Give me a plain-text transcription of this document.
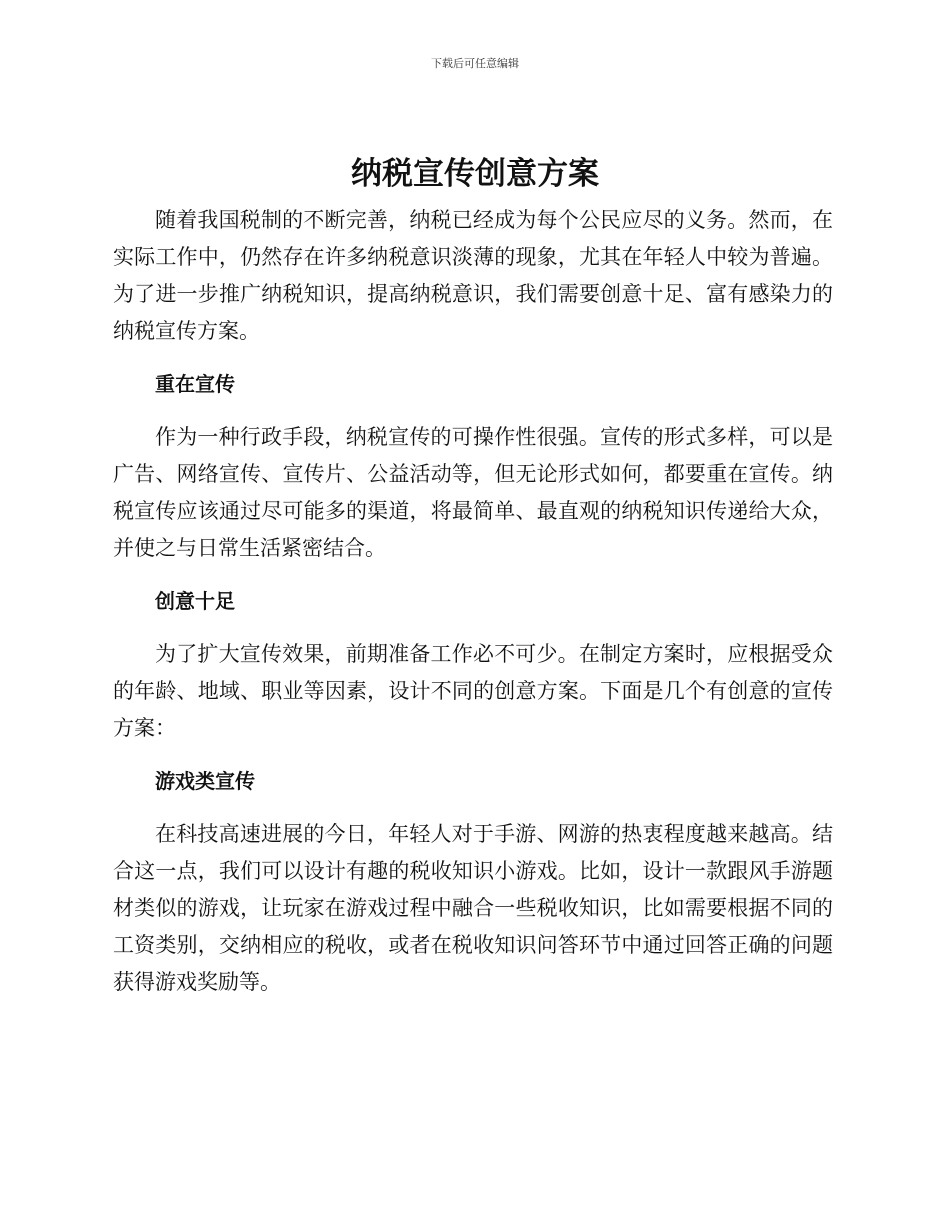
下载后可任意编辑
纳税宣传创意方案

随着我国税制的不断完善，纳税已经成为每个公民应尽的义务。然而，在实际工作中，仍然存在许多纳税意识淡薄的现象，尤其在年轻人中较为普遍。为了进一步推广纳税知识，提高纳税意识，我们需要创意十足、富有感染力的纳税宣传方案。

重在宣传

作为一种行政手段，纳税宣传的可操作性很强。宣传的形式多样，可以是广告、网络宣传、宣传片、公益活动等，但无论形式如何，都要重在宣传。纳税宣传应该通过尽可能多的渠道，将最简单、最直观的纳税知识传递给大众，并使之与日常生活紧密结合。

创意十足

为了扩大宣传效果，前期准备工作必不可少。在制定方案时，应根据受众的年龄、地域、职业等因素，设计不同的创意方案。下面是几个有创意的宣传方案：

游戏类宣传

在科技高速进展的今日，年轻人对于手游、网游的热衷程度越来越高。结合这一点，我们可以设计有趣的税收知识小游戏。比如，设计一款跟风手游题材类似的游戏，让玩家在游戏过程中融合一些税收知识，比如需要根据不同的工资类别，交纳相应的税收，或者在税收知识问答环节中通过回答正确的问题获得游戏奖励等。
